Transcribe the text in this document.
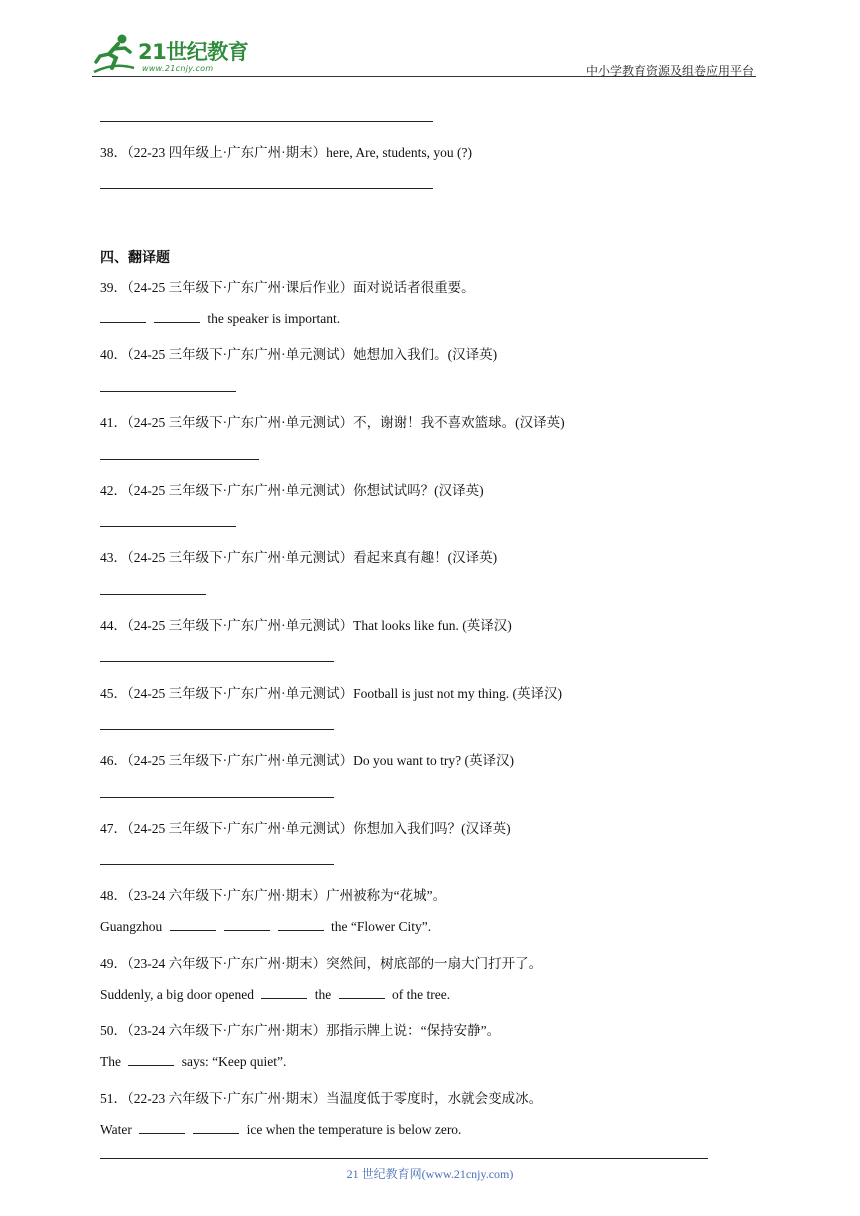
21世纪教育
www.21cnjy.com	中小学教育资源及组卷应用平台
38．（22-23 四年级上·广东广州·期末）here, Are, students, you (?)
四、翻译题
39．（24-25 三年级下·广东广州·课后作业）面对说话者很重要。
the speaker is important.
40．（24-25 三年级下·广东广州·单元测试）她想加入我们。(汉译英)
41．（24-25 三年级下·广东广州·单元测试）不，谢谢！我不喜欢篮球。(汉译英)
42．（24-25 三年级下·广东广州·单元测试）你想试试吗？(汉译英)
43．（24-25 三年级下·广东广州·单元测试）看起来真有趣！(汉译英)
44．（24-25 三年级下·广东广州·单元测试）That looks like fun. (英译汉)
45．（24-25 三年级下·广东广州·单元测试）Football is just not my thing. (英译汉)
46．（24-25 三年级下·广东广州·单元测试）Do you want to try? (英译汉)
47．（24-25 三年级下·广东广州·单元测试）你想加入我们吗？(汉译英)
48．（23-24 六年级下·广东广州·期末）广州被称为“花城”。
Guangzhou	the “Flower City”.
49．（23-24 六年级下·广东广州·期末）突然间，树底部的一扇大门打开了。
Suddenly, a big door opened	the	of the tree.
50．（23-24 六年级下·广东广州·期末）那指示牌上说：“保持安静”。
The	says: “Keep quiet”.
51．（22-23 六年级下·广东广州·期末）当温度低于零度时，水就会变成冰。
Water	ice when the temperature is below zero.
21 世纪教育网(www.21cnjy.com)
